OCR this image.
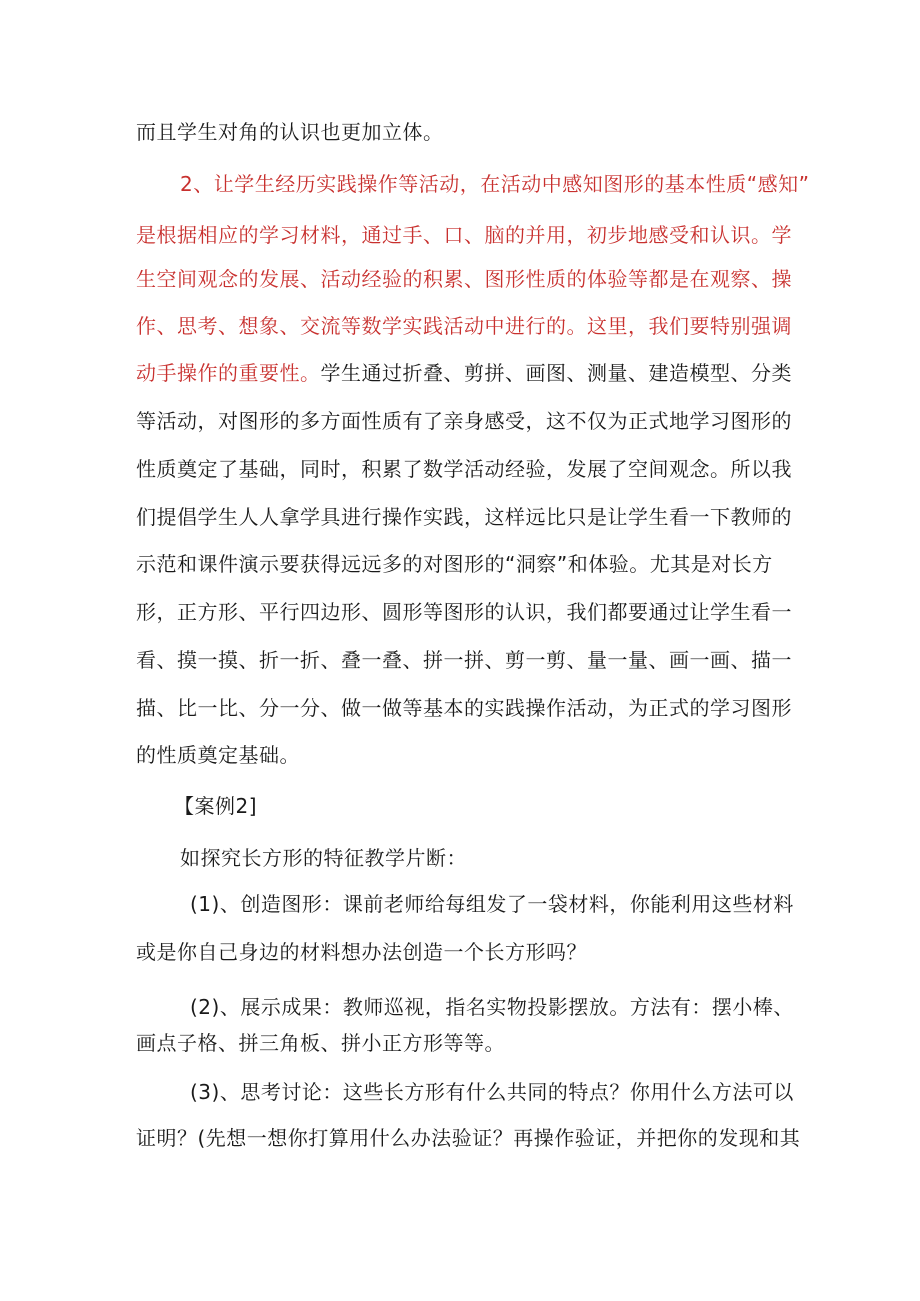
而且学生对角的认识也更加立体。
2、让学生经历实践操作等活动，在活动中感知图形的基本性质“感知”
是根据相应的学习材料，通过手、口、脑的并用，初步地感受和认识。学
生空间观念的发展、活动经验的积累、图形性质的体验等都是在观察、操
作、思考、想象、交流等数学实践活动中进行的。这里，我们要特别强调
动手操作的重要性。学生通过折叠、剪拼、画图、测量、建造模型、分类
等活动，对图形的多方面性质有了亲身感受，这不仅为正式地学习图形的
性质奠定了基础，同时，积累了数学活动经验，发展了空间观念。所以我
们提倡学生人人拿学具进行操作实践，这样远比只是让学生看一下教师的
示范和课件演示要获得远远多的对图形的“洞察”和体验。尤其是对长方
形，正方形、平行四边形、圆形等图形的认识，我们都要通过让学生看一
看、摸一摸、折一折、叠一叠、拼一拼、剪一剪、量一量、画一画、描一
描、比一比、分一分、做一做等基本的实践操作活动，为正式的学习图形
的性质奠定基础。
【案例2]
如探究长方形的特征教学片断：
(1)、创造图形：课前老师给每组发了一袋材料，你能利用这些材料
或是你自己身边的材料想办法创造一个长方形吗？
(2)、展示成果：教师巡视，指名实物投影摆放。方法有：摆小棒、
画点子格、拼三角板、拼小正方形等等。
(3)、思考讨论：这些长方形有什么共同的特点？你用什么方法可以
证明？(先想一想你打算用什么办法验证？再操作验证，并把你的发现和其
